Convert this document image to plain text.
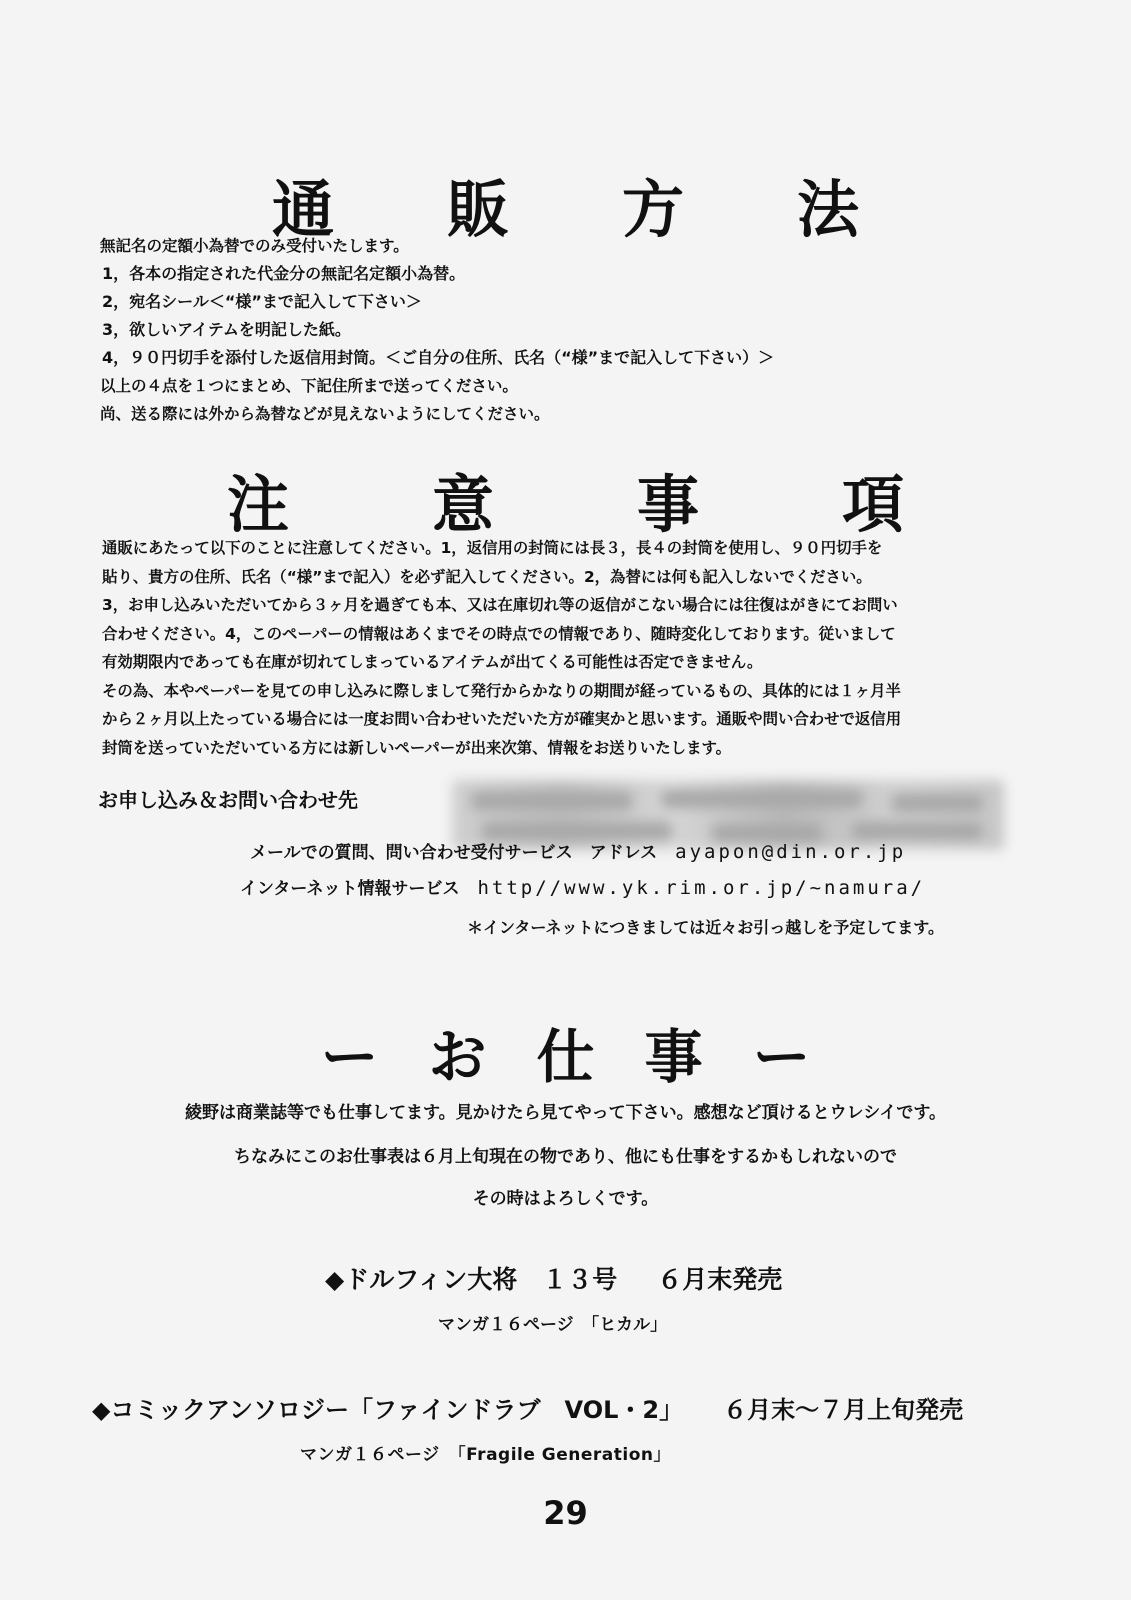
通	販	方	法

無記名の定額小為替でのみ受付いたします。

1，各本の指定された代金分の無記名定額小為替。

2，宛名シール＜“様”まで記入して下さい＞

3，欲しいアイテムを明記した紙。

4，９０円切手を添付した返信用封筒。＜ご自分の住所、氏名（“様”まで記入して下さい）＞

以上の４点を１つにまとめ、下記住所まで送ってください。

尚、送る際には外から為替などが見えないようにしてください。

注	意	事	項

通販にあたって以下のことに注意してください。1，返信用の封筒には長３，長４の封筒を使用し、９０円切手を

貼り、貴方の住所、氏名（“様”まで記入）を必ず記入してください。2，為替には何も記入しないでください。

3，お申し込みいただいてから３ヶ月を過ぎても本、又は在庫切れ等の返信がこない場合には往復はがきにてお問い

合わせください。4，このペーパーの情報はあくまでその時点での情報であり、随時変化しております。従いまして

有効期限内であっても在庫が切れてしまっているアイテムが出てくる可能性は否定できません。

その為、本やペーパーを見ての申し込みに際しまして発行からかなりの期間が経っているもの、具体的には１ヶ月半

から２ヶ月以上たっている場合には一度お問い合わせいただいた方が確実かと思います。通販や問い合わせで返信用

封筒を送っていただいている方には新しいペーパーが出来次第、情報をお送りいたします。

お申し込み＆お問い合わせ先
メールでの質問、問い合わせ受付サービス　アドレス ayapon@din.or.jp
インターネット情報サービス http//www.yk.rim.or.jp/~namura/
＊インターネットにつきましては近々お引っ越しを予定してます。
ー お 仕 事 ー
綾野は商業誌等でも仕事してます。見かけたら見てやって下さい。感想など頂けるとウレシイです。
ちなみにこのお仕事表は６月上旬現在の物であり、他にも仕事をするかもしれないので
その時はよろしくです。
◆ドルフィン大将　１３号 ６月末発売
マンガ１６ページ　「ヒカル」
◆コミックアンソロジー「ファインドラブ　VOL・2」 ６月末〜７月上旬発売
マンガ１６ページ　「Fragile Generation」
29
